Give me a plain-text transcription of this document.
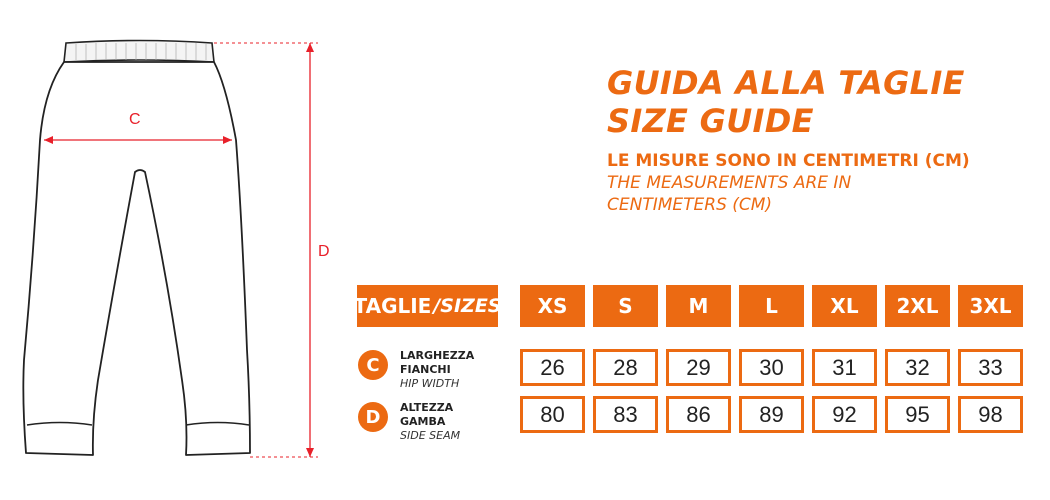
C
D
GUIDA ALLA TAGLIE
SIZE GUIDE
LE MISURE SONO IN CENTIMETRI (CM)
THE MEASUREMENTS ARE IN CENTIMETERS (CM)
TAGLIE /SIZES	XS	S	M	L	XL	2XL	3XL
C	LARGHEZZA
FIANCHI
HIP WIDTH
26	28	29	30	31	32	33
D	ALTEZZA
GAMBA
SIDE SEAM
80	83	86	89	92	95	98
